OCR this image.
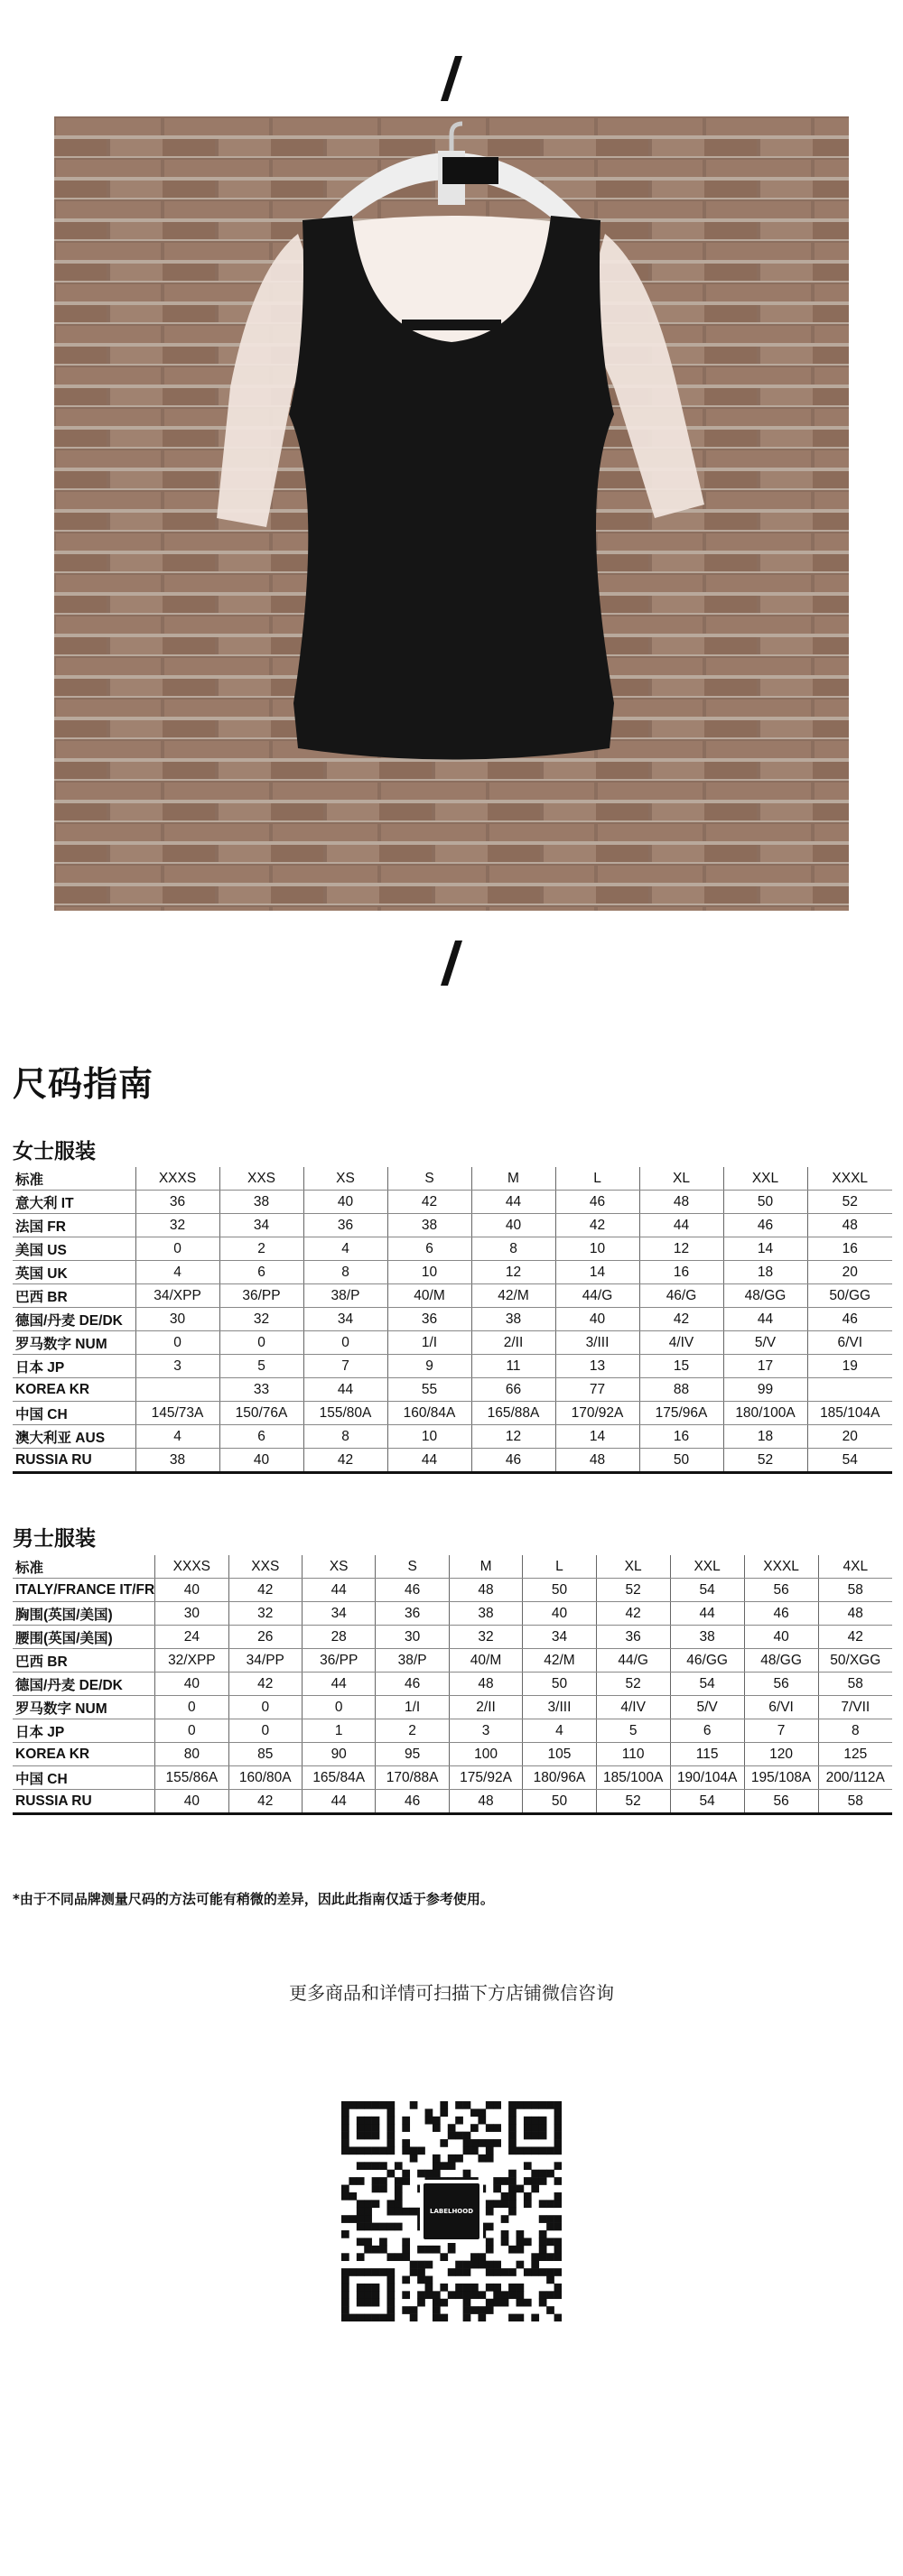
尺码指南
女士服装
标准	XXXS	XXS	XS	S	M	L	XL	XXL	XXXL
意大利 IT	36	38	40	42	44	46	48	50	52
法国 FR	32	34	36	38	40	42	44	46	48
美国 US	0	2	4	6	8	10	12	14	16
英国 UK	4	6	8	10	12	14	16	18	20
巴西 BR	34/XPP	36/PP	38/P	40/M	42/M	44/G	46/G	48/GG	50/GG
德国/丹麦 DE/DK	30	32	34	36	38	40	42	44	46
罗马数字 NUM	0	0	0	1/I	2/II	3/III	4/IV	5/V	6/VI
日本 JP	3	5	7	9	11	13	15	17	19
KOREA KR		33	44	55	66	77	88	99	
中国 CH	145/73A	150/76A	155/80A	160/84A	165/88A	170/92A	175/96A	180/100A	185/104A
澳大利亚 AUS	4	6	8	10	12	14	16	18	20
RUSSIA RU	38	40	42	44	46	48	50	52	54
男士服装
标准	XXXS	XXS	XS	S	M	L	XL	XXL	XXXL	4XL
ITALY/FRANCE IT/FR	40	42	44	46	48	50	52	54	56	58
胸围(英国/美国)	30	32	34	36	38	40	42	44	46	48
腰围(英国/美国)	24	26	28	30	32	34	36	38	40	42
巴西 BR	32/XPP	34/PP	36/PP	38/P	40/M	42/M	44/G	46/GG	48/GG	50/XGG
德国/丹麦 DE/DK	40	42	44	46	48	50	52	54	56	58
罗马数字 NUM	0	0	0	1/I	2/II	3/III	4/IV	5/V	6/VI	7/VII
日本 JP	0	0	1	2	3	4	5	6	7	8
KOREA KR	80	85	90	95	100	105	110	115	120	125
中国 CH	155/86A	160/80A	165/84A	170/88A	175/92A	180/96A	185/100A	190/104A	195/108A	200/112A
RUSSIA RU	40	42	44	46	48	50	52	54	56	58
*由于不同品牌测量尺码的方法可能有稍微的差异，因此此指南仅适于参考使用。
更多商品和详情可扫描下方店铺微信咨询
LABELHOOD
